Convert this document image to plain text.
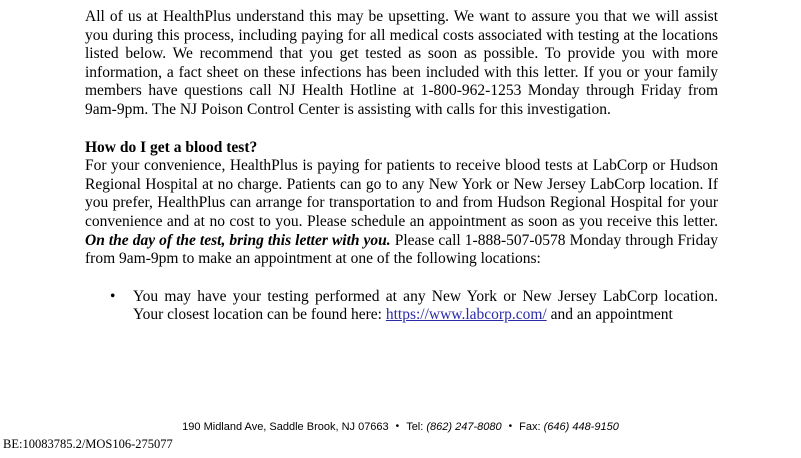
All of us at HealthPlus understand this may be upsetting. We want to assure you that we will assist you during this process, including paying for all medical costs associated with testing at the locations listed below. We recommend that you get tested as soon as possible. To provide you with more information, a fact sheet on these infections has been included with this letter. If you or your family members have questions call NJ Health Hotline at 1-800-962-1253 Monday through Friday from 9am-9pm. The NJ Poison Control Center is assisting with calls for this investigation.

How do I get a blood test?

For your convenience, HealthPlus is paying for patients to receive blood tests at LabCorp or Hudson Regional Hospital at no charge. Patients can go to any New York or New Jersey LabCorp location. If you prefer, HealthPlus can arrange for transportation to and from Hudson Regional Hospital for your convenience and at no cost to you. Please schedule an appointment as soon as you receive this letter. On the day of the test, bring this letter with you. Please call 1-888-507-0578 Monday through Friday from 9am-9pm to make an appointment at one of the following locations:

• You may have your testing performed at any New York or New Jersey LabCorp location. Your closest location can be found here: https://www.labcorp.com/ and an appointment
190 Midland Ave, Saddle Brook, NJ 07663 • Tel: (862) 247-8080 • Fax: (646) 448-9150
BE:10083785.2/MOS106-275077
